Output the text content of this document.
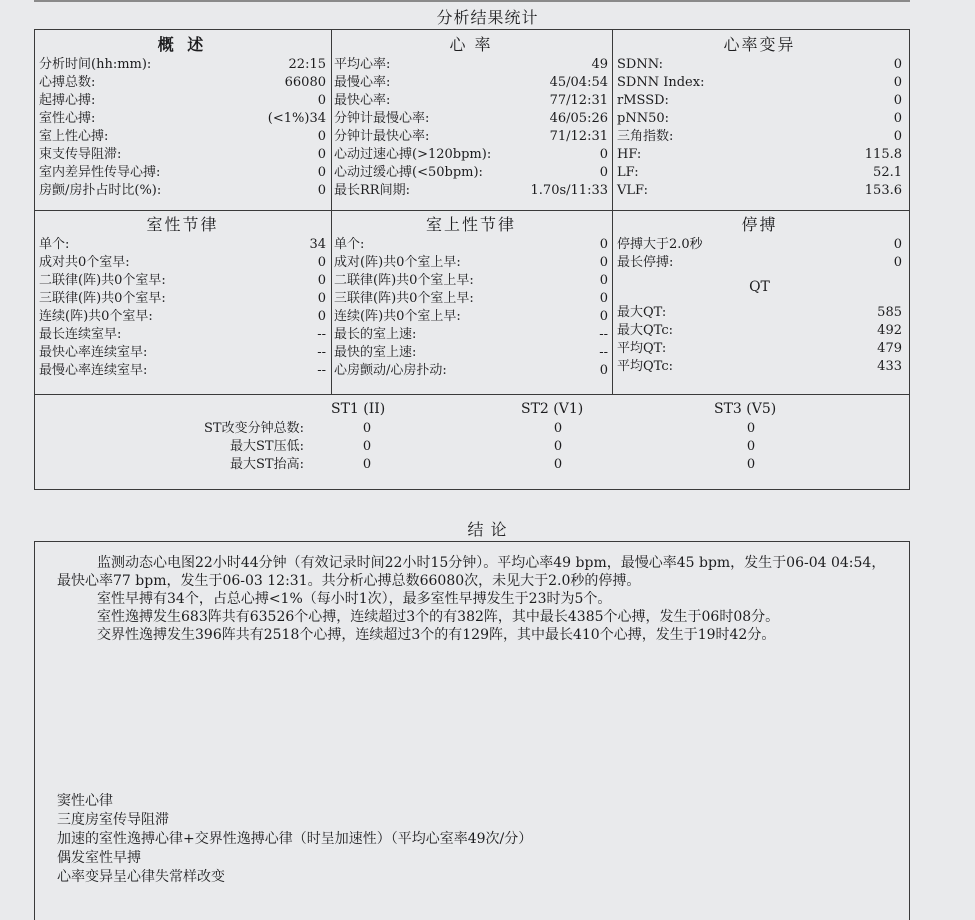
分析结果统计
概 述
分析时间(hh:mm):	22:15
心搏总数:	66080
起搏心搏:	0
室性心搏:	(<1%)34
室上性心搏:	0
束支传导阻滞:	0
室内差异性传导心搏:	0
房颤/房扑占时比(%):	0
心 率
平均心率:	49
最慢心率:	45/04:54
最快心率:	77/12:31
分钟计最慢心率:	46/05:26
分钟计最快心率:	71/12:31
心动过速心搏(>120bpm):	0
心动过缓心搏(<50bpm):	0
最长RR间期:	1.70s/11:33
心率变异
SDNN:	0
SDNN Index:	0
rMSSD:	0
pNN50:	0
三角指数:	0
HF:	115.8
LF:	52.1
VLF:	153.6
室性节律
单个:	34
成对共0个室早:	0
二联律(阵)共0个室早:	0
三联律(阵)共0个室早:	0
连续(阵)共0个室早:	0
最长连续室早:	--
最快心率连续室早:	--
最慢心率连续室早:	--
室上性节律
单个:	0
成对(阵)共0个室上早:	0
二联律(阵)共0个室上早:	0
三联律(阵)共0个室上早:	0
连续(阵)共0个室上早:	0
最长的室上速:	--
最快的室上速:	--
心房颤动/心房扑动:	0
停搏
停搏大于2.0秒	0
最长停搏:	0
QT
最大QT:	585
最大QTc:	492
平均QT:	479
平均QTc:	433
ST1 (II)	ST2 (V1)	ST3 (V5)
ST改变分钟总数:	0	0	0
最大ST压低:	0	0	0
最大ST抬高:	0	0	0
结 论

监测动态心电图22小时44分钟（有效记录时间22小时15分钟）。平均心率49 bpm，最慢心率45 bpm，发生于06-04 04:54，最快心率77 bpm，发生于06-03 12:31。共分析心搏总数66080次，未见大于2.0秒的停搏。

室性早搏有34个，占总心搏<1%（每小时1次），最多室性早搏发生于23时为5个。

室性逸搏发生683阵共有63526个心搏，连续超过3个的有382阵，其中最长4385个心搏，发生于06时08分。

交界性逸搏发生396阵共有2518个心搏，连续超过3个的有129阵，其中最长410个心搏，发生于19时42分。

窦性心律
三度房室传导阻滞
加速的室性逸搏心律+交界性逸搏心律（时呈加速性）（平均心室率49次/分）
偶发室性早搏
心率变异呈心律失常样改变
